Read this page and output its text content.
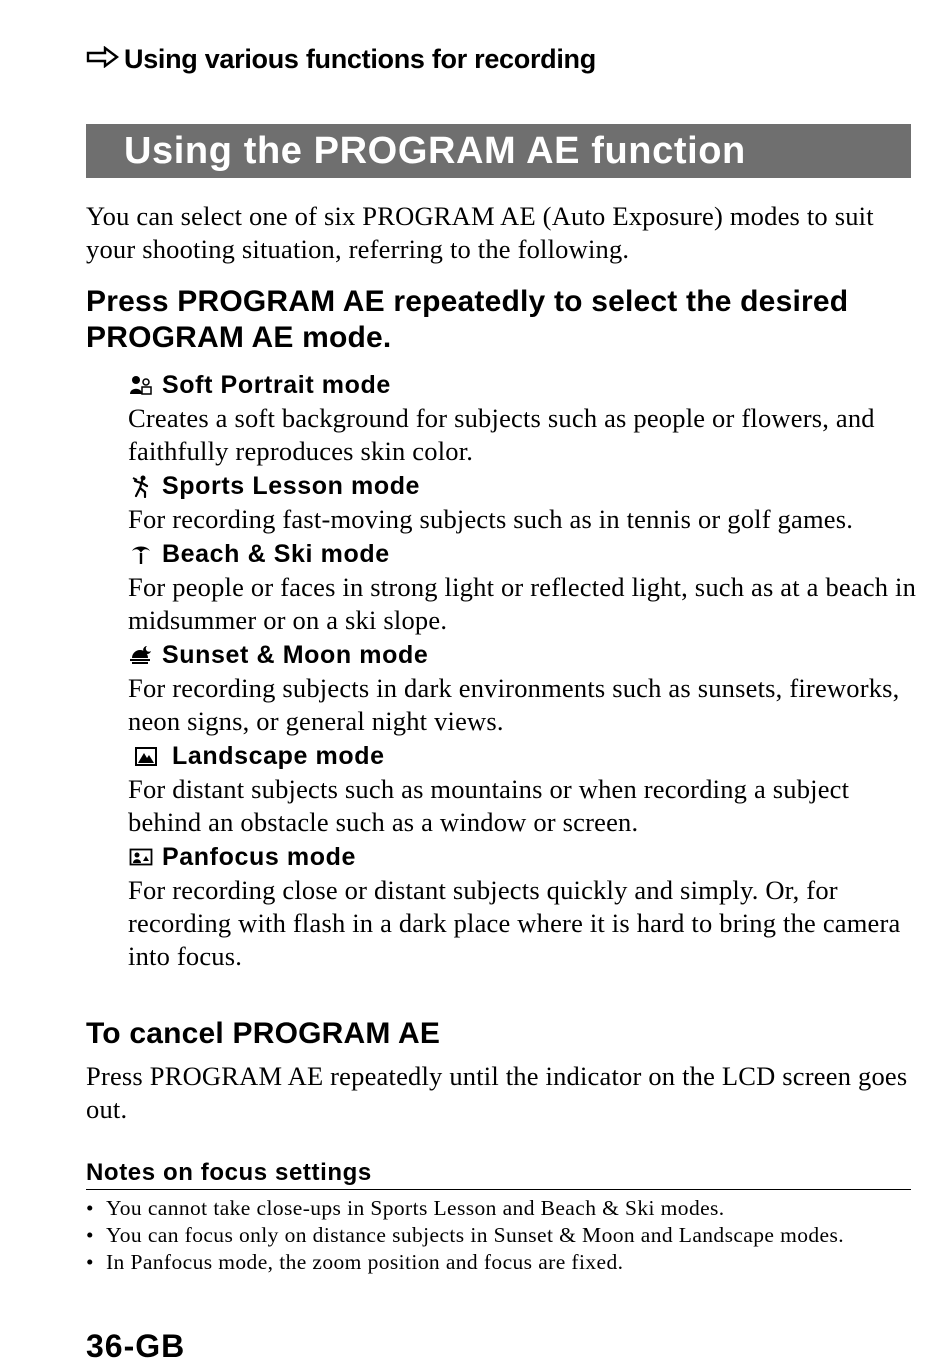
Using various functions for recording
Using the PROGRAM AE function

You can select one of six PROGRAM AE (Auto Exposure) modes to suit your shooting situation, referring to the following.

Press PROGRAM AE repeatedly to select the desired PROGRAM AE mode.

Soft Portrait mode

Creates a soft background for subjects such as people or flowers, and faithfully reproduces skin color.

Sports Lesson mode

For recording fast-moving subjects such as in tennis or golf games.

Beach & Ski mode

For people or faces in strong light or reflected light, such as at a beach in midsummer or on a ski slope.

Sunset & Moon mode

For recording subjects in dark environments such as sunsets, fireworks, neon signs, or general night views.

Landscape mode

For distant subjects such as mountains or when recording a subject behind an obstacle such as a window or screen.

Panfocus mode

For recording close or distant subjects quickly and simply. Or, for recording with flash in a dark place where it is hard to bring the camera into focus.

To cancel PROGRAM AE

Press PROGRAM AE repeatedly until the indicator on the LCD screen goes out.

Notes on focus settings

• You cannot take close-ups in Sports Lesson and Beach & Ski modes.
• You can focus only on distance subjects in Sunset & Moon and Landscape modes.
• In Panfocus mode, the zoom position and focus are fixed.

36-GB
